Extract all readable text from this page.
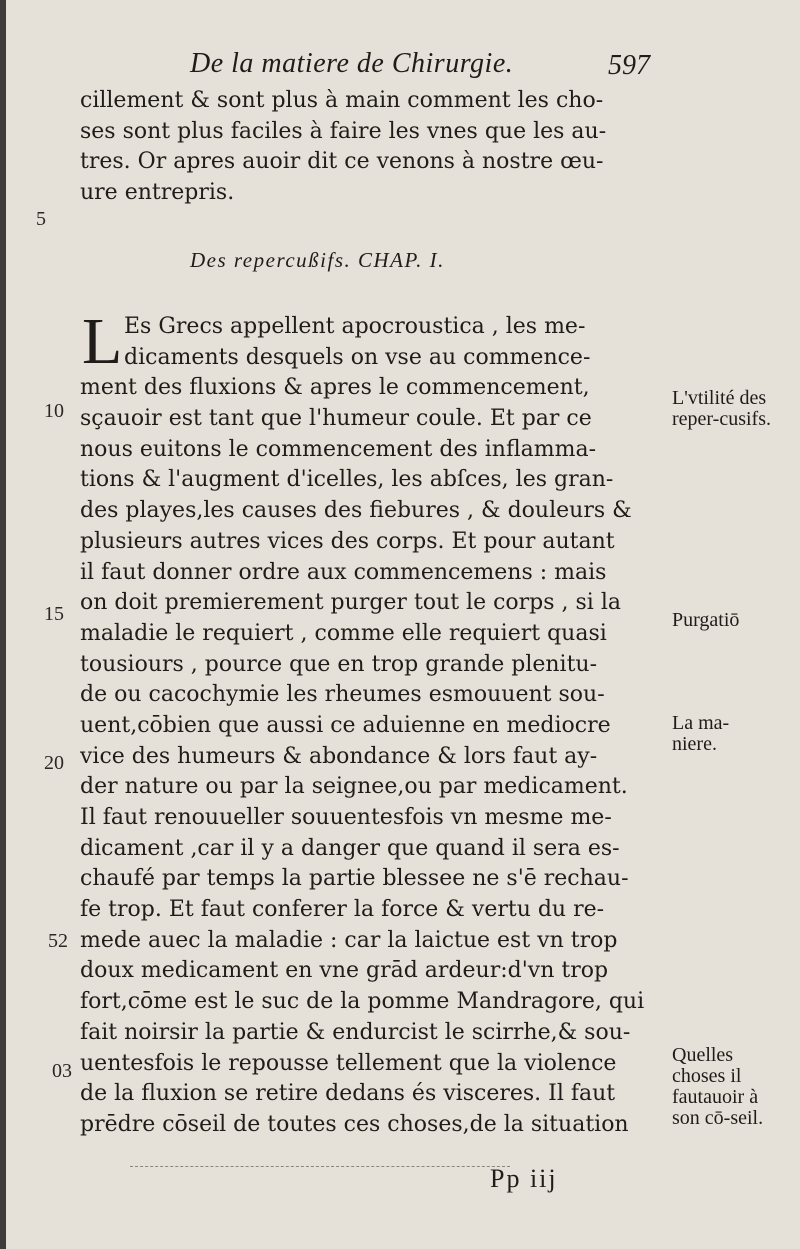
De la matiere de Chirurgie.	597
cillement & sont plus à main comment les cho-
ses sont plus faciles à faire les vnes que les au-
tres. Or apres auoir dit ce venons à nostre œu-
ure entrepris.
5
Des repercußifs. CHAP. I.
L Es Grecs appellent apocroustica , les me-
dicaments desquels on vse au commence-
ment des fluxions & apres le commencement,
sçauoir est tant que l'humeur coule. Et par ce
nous euitons le commencement des inflamma-
tions & l'augment d'icelles, les abſces, les gran-
des playes,les causes des fiebures , & douleurs &
plusieurs autres vices des corps. Et pour autant
il faut donner ordre aux commencemens : mais
on doit premierement purger tout le corps , si la
maladie le requiert , comme elle requiert quasi
tousiours , pource que en trop grande plenitu-
de ou cacochymie les rheumes esmouuent sou-
uent,cōbien que aussi ce aduienne en mediocre
vice des humeurs & abondance & lors faut ay-
der nature ou par la seignee,ou par medicament.
Il faut renouueller souuentesfois vn mesme me-
dicament ,car il y a danger que quand il sera es-
chaufé par temps la partie blessee ne s'ē rechau-
fe trop. Et faut conferer la force & vertu du re-
mede auec la maladie : car la laictue est vn trop
doux medicament en vne grād ardeur:d'vn trop
fort,cōme est le suc de la pomme Mandragore, qui
fait noirsir la partie & endurcist le scirrhe,& sou-
uentesfois le repousse tellement que la violence
de la fluxion se retire dedans és visceres. Il faut
prēdre cōseil de toutes ces choses,de la situation
10
15
20
52
03
L'vtilité des reper-cusifs.
Purgatiō
La ma-niere.
Quelles choses il fautauoir à son cō-seil.
Pp iij
